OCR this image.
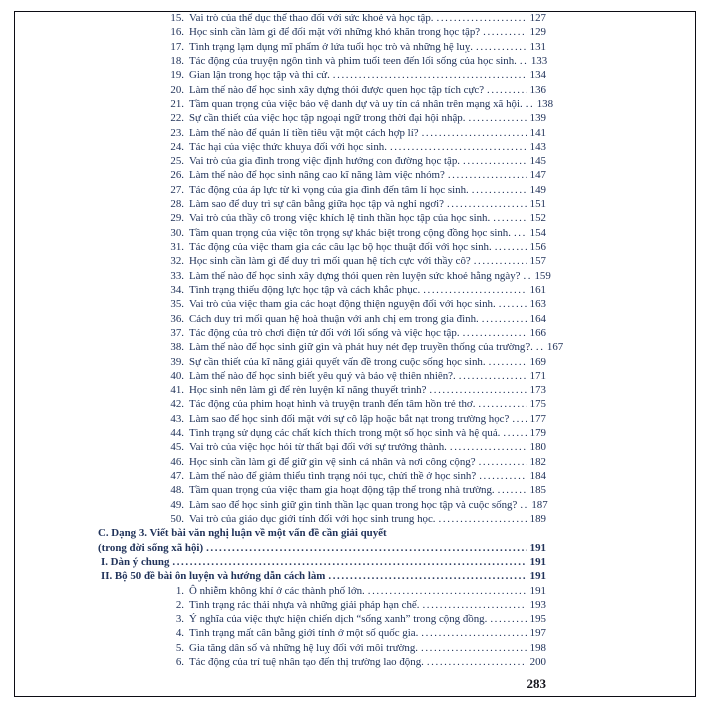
15. Vai trò của thể dục thể thao đối với sức khoẻ và học tập. .....	127
16. Học sinh cần làm gì để đối mặt với những khó khăn trong học tập? .....	129
17. Tình trạng lạm dụng mĩ phẩm ở lứa tuổi học trò và những hệ luỵ. .....	131
18. Tác động của truyện ngôn tình và phim tuổi teen đến lối sống của học sinh. ..... 133
19. Gian lận trong học tập và thi cử. .....	134
20. Làm thế nào để học sinh xây dựng thói được quen học tập tích cực? .....	136
21. Tầm quan trọng của việc bảo vệ danh dự và uy tín cá nhân trên mạng xã hội. ..... 138
22. Sự cần thiết của việc học tập ngoại ngữ trong thời đại hội nhập. .....	139
23. Làm thế nào để quản lí tiền tiêu vặt một cách hợp lí? .....	141
24. Tác hại của việc thức khuya đối với học sinh. .....	143
25. Vai trò của gia đình trong việc định hướng con đường học tập. .....	145
26. Làm thế nào để học sinh nâng cao kĩ năng làm việc nhóm? .....	147
27. Tác động của áp lực từ kì vọng của gia đình đến tâm lí học sinh. .....	149
28. Làm sao để duy trì sự cân bằng giữa học tập và nghỉ ngơi? .....	151
29. Vai trò của thầy cô trong việc khích lệ tinh thần học tập của học sinh. .....	152
30. Tầm quan trọng của việc tôn trọng sự khác biệt trong cộng đồng học sinh. ..... 154
31. Tác động của việc tham gia các câu lạc bộ học thuật đối với học sinh. .....	156
32. Học sinh cần làm gì để duy trì mối quan hệ tích cực với thầy cô? .....	157
33. Làm thế nào để học sinh xây dựng thói quen rèn luyện sức khoẻ hằng ngày? ..... 159
34. Tình trạng thiếu động lực học tập và cách khắc phục. .....	161
35. Vai trò của việc tham gia các hoạt động thiện nguyện đối với học sinh. .....	163
36. Cách duy trì mối quan hệ hoà thuận với anh chị em trong gia đình. .....	164
37. Tác động của trò chơi điện tử đối với lối sống và việc học tập. .....	166
38. Làm thế nào để học sinh giữ gìn và phát huy nét đẹp truyền thống của trường?. ..... 167
39. Sự cần thiết của kĩ năng giải quyết vấn đề trong cuộc sống học sinh. .....	169
40. Làm thế nào để học sinh biết yêu quý và bảo vệ thiên nhiên?. .....	171
41. Học sinh nên làm gì để rèn luyện kĩ năng thuyết trình? .....	173
42. Tác động của phim hoạt hình và truyện tranh đến tâm hồn trẻ thơ. .....	175
43. Làm sao để học sinh đối mặt với sự cô lập hoặc bắt nạt trong trường học? ..... 177
44. Tình trạng sử dụng các chất kích thích trong một số học sinh và hệ quả. .....	179
45. Vai trò của việc học hỏi từ thất bại đối với sự trưởng thành. .....	180
46. Học sinh cần làm gì để giữ gìn vệ sinh cá nhân và nơi công cộng? .....	182
47. Làm thế nào để giảm thiểu tình trạng nói tục, chửi thề ở học sinh? .....	184
48. Tầm quan trọng của việc tham gia hoạt động tập thể trong nhà trường. .....	185
49. Làm sao để học sinh giữ gìn tinh thần lạc quan trong học tập và cuộc sống? ..... 187
50. Vai trò của giáo dục giới tính đối với học sinh trung học. .....	189
C. Dạng 3. Viết bài văn nghị luận về một vấn đề cần giải quyết
(trong đời sống xã hội) .....	191
I. Dàn ý chung .....	191
II. Bộ 50 đề bài ôn luyện và hướng dẫn cách làm .....	191
1. Ô nhiễm không khí ở các thành phố lớn. .....	191
2. Tình trạng rác thải nhựa và những giải pháp hạn chế. .....	193
3. Ý nghĩa của việc thực hiện chiến dịch “sống xanh” trong cộng đồng. .....	195
4. Tình trạng mất cân bằng giới tính ở một số quốc gia. .....	197
5. Gia tăng dân số và những hệ luỵ đối với môi trường. .....	198
6. Tác động của trí tuệ nhân tạo đến thị trường lao động. .....	200
283
